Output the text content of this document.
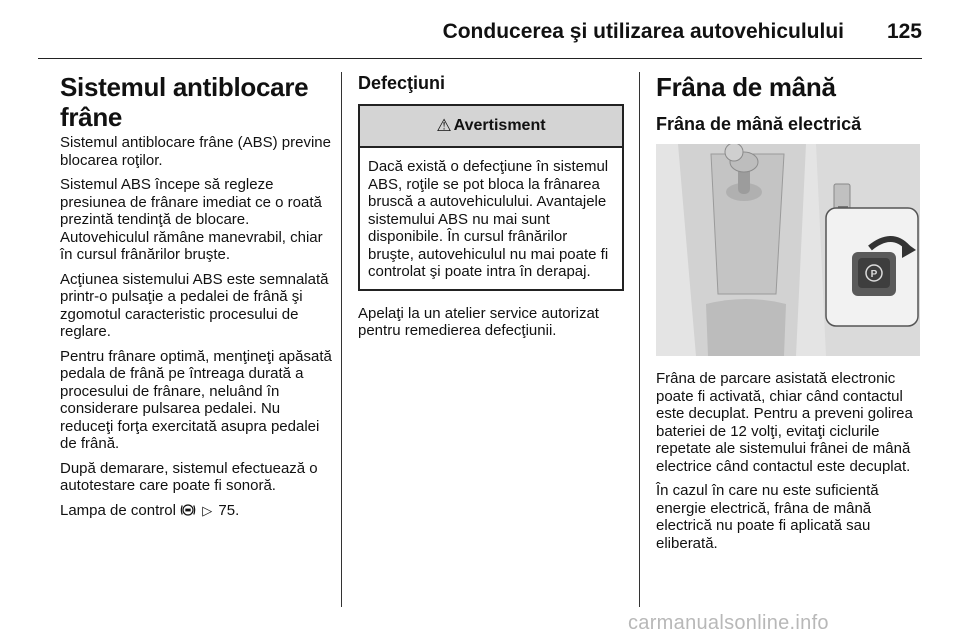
Conducerea şi utilizarea autovehiculului 125
Sistemul antiblocare frâne

Sistemul antiblocare frâne (ABS) previne blocarea roţilor.

Sistemul ABS începe să regleze presiunea de frânare imediat ce o roată prezintă tendinţă de blocare. Autovehiculul rămâne manevrabil, chiar în cursul frânărilor bruşte.

Acţiunea sistemului ABS este semnalată printr-o pulsaţie a pedalei de frână şi zgomotul caracteristic procesului de reglare.

Pentru frânare optimă, menţineţi apăsată pedala de frână pe întreaga durată a procesului de frânare, neluând în considerare pulsarea pedalei. Nu reduceţi forţa exercitată asupra pedalei de frână.

După demarare, sistemul efectuează o autotestare care poate fi sonoră.

Lampa de control ▷ 75.

Defecţiuni
⚠ Avertisment
Dacă există o defecţiune în sistemul ABS, roţile se pot bloca la frânarea bruscă a autovehiculului. Avantajele sistemului ABS nu mai sunt disponibile. În cursul frânărilor bruşte, autovehiculul nu mai poate fi controlat şi poate intra în derapaj.

Apelaţi la un atelier service autorizat pentru remedierea defecţiunii.

Frâna de mână
Frâna de mână electrică
P

Frâna de parcare asistată electronic poate fi activată, chiar când contactul este decuplat. Pentru a preveni golirea bateriei de 12 volţi, evitaţi ciclurile repetate ale sistemului frânei de mână electrice când contactul este decuplat.

În cazul în care nu este suficientă energie electrică, frâna de mână electrică nu poate fi aplicată sau eliberată.

carmanualsonline.info
